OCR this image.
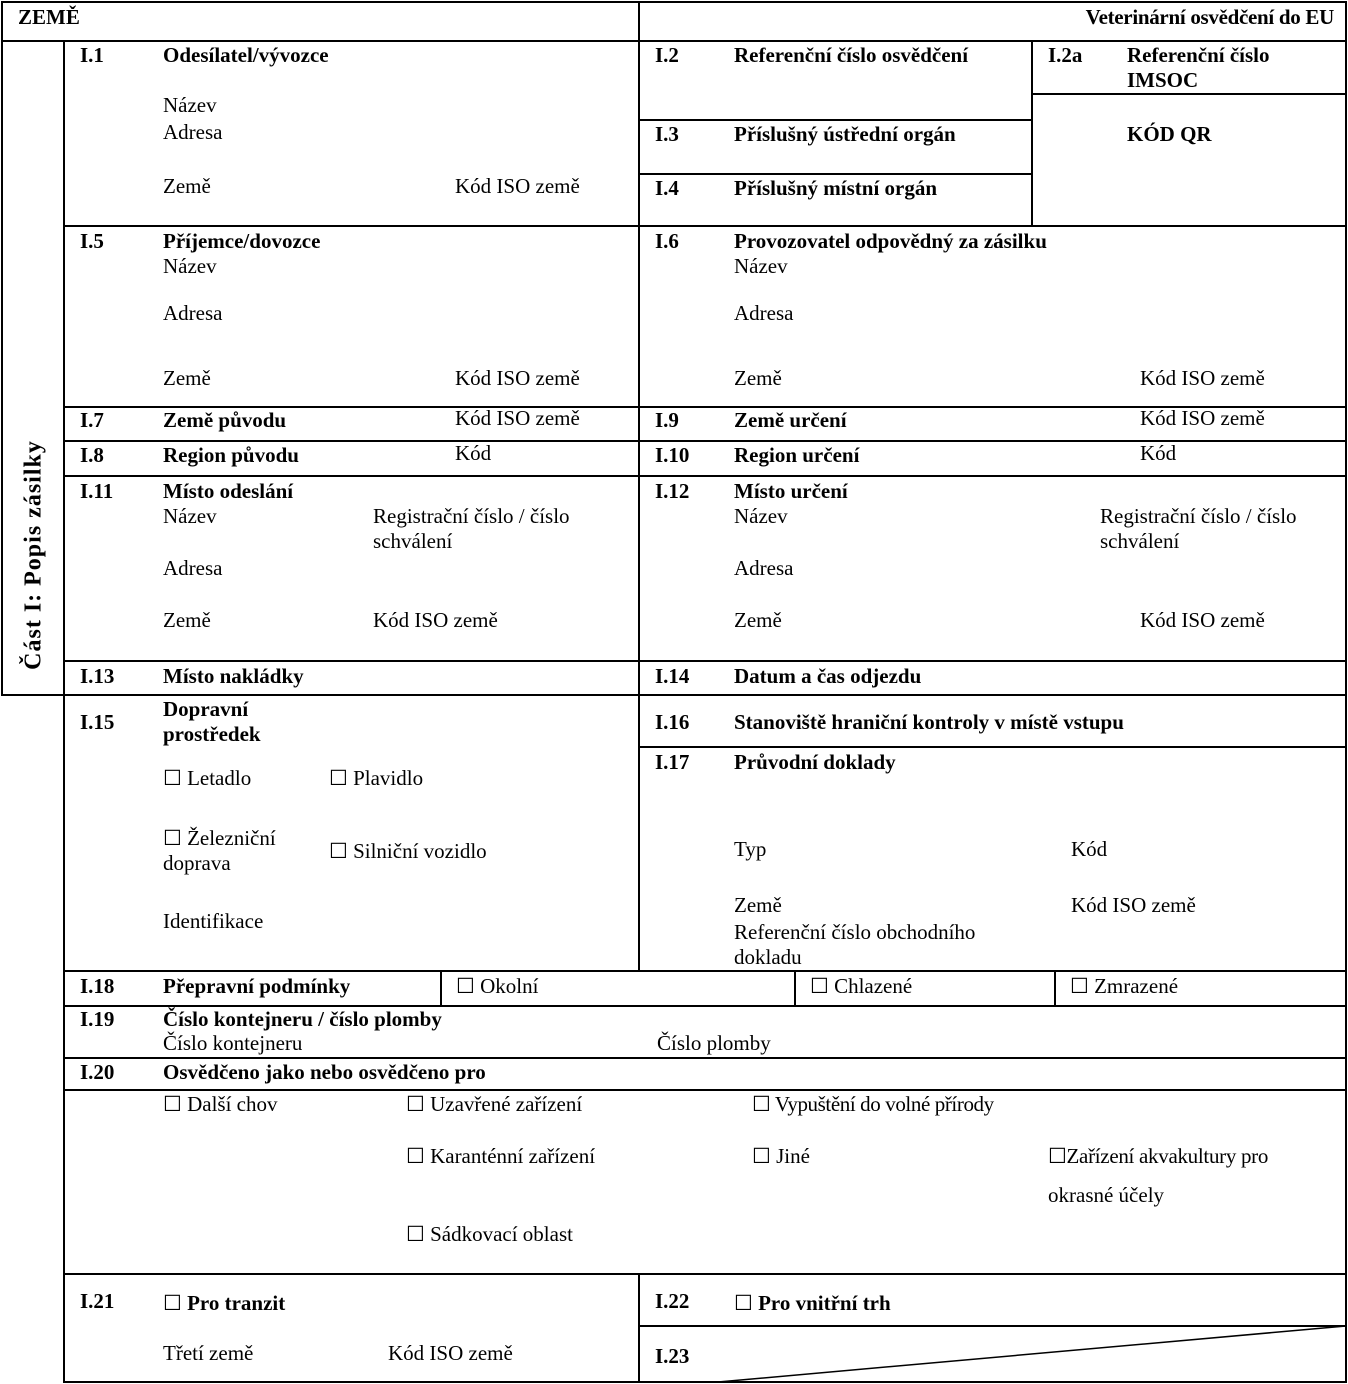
ZEMĚ	Veterinární osvědčení do EU
Část I: Popis zásilky
I.1	Odesílatel/vývozce
Název
Adresa
Země	Kód ISO země
I.2	Referenční číslo osvědčení	I.2a Referenční číslo
IMSOC
KÓD QR
I.3	Příslušný ústřední orgán
I.4	Příslušný místní orgán
I.5	Příjemce/dovozce
Název
Adresa
Země	Kód ISO země
I.6	Provozovatel odpovědný za zásilku
Název
Adresa
Země	Kód ISO země
I.7	Země původu	Kód ISO země	I.9	Země určení	Kód ISO země
I.8	Region původu	Kód	I.10 Region určení	Kód
I.11 Místo odeslání
Název	Registrační číslo / číslo
schválení
Adresa
Země	Kód ISO země
I.12 Místo určení
Název	Registrační číslo / číslo
schválení
Adresa
Země	Kód ISO země
I.13 Místo nakládky	I.14 Datum a čas odjezdu
I.15
Dopravní
prostředek
☐ Letadlo	☐ Plavidlo
☐ Železniční
doprava	☐ Silniční vozidlo
Identifikace
I.16 Stanoviště hraniční kontroly v místě vstupu
I.17 Průvodní doklady
Typ	Kód
Země	Kód ISO země
Referenční číslo obchodního
dokladu
I.18 Přepravní podmínky	☐ Okolní	☐ Chlazené	☐ Zmrazené
I.19 Číslo kontejneru / číslo plomby
Číslo kontejneru	Číslo plomby
I.20 Osvědčeno jako nebo osvědčeno pro
☐ Další chov	☐ Uzavřené zařízení	☐ Vypuštění do volné přírody
☐ Karanténní zařízení	☐ Jiné	☐Zařízení akvakultury pro
okrasné účely
☐ Sádkovací oblast
I.21 ☐ Pro tranzit
Třetí země	Kód ISO země
I.22 ☐ Pro vnitřní trh
I.23
